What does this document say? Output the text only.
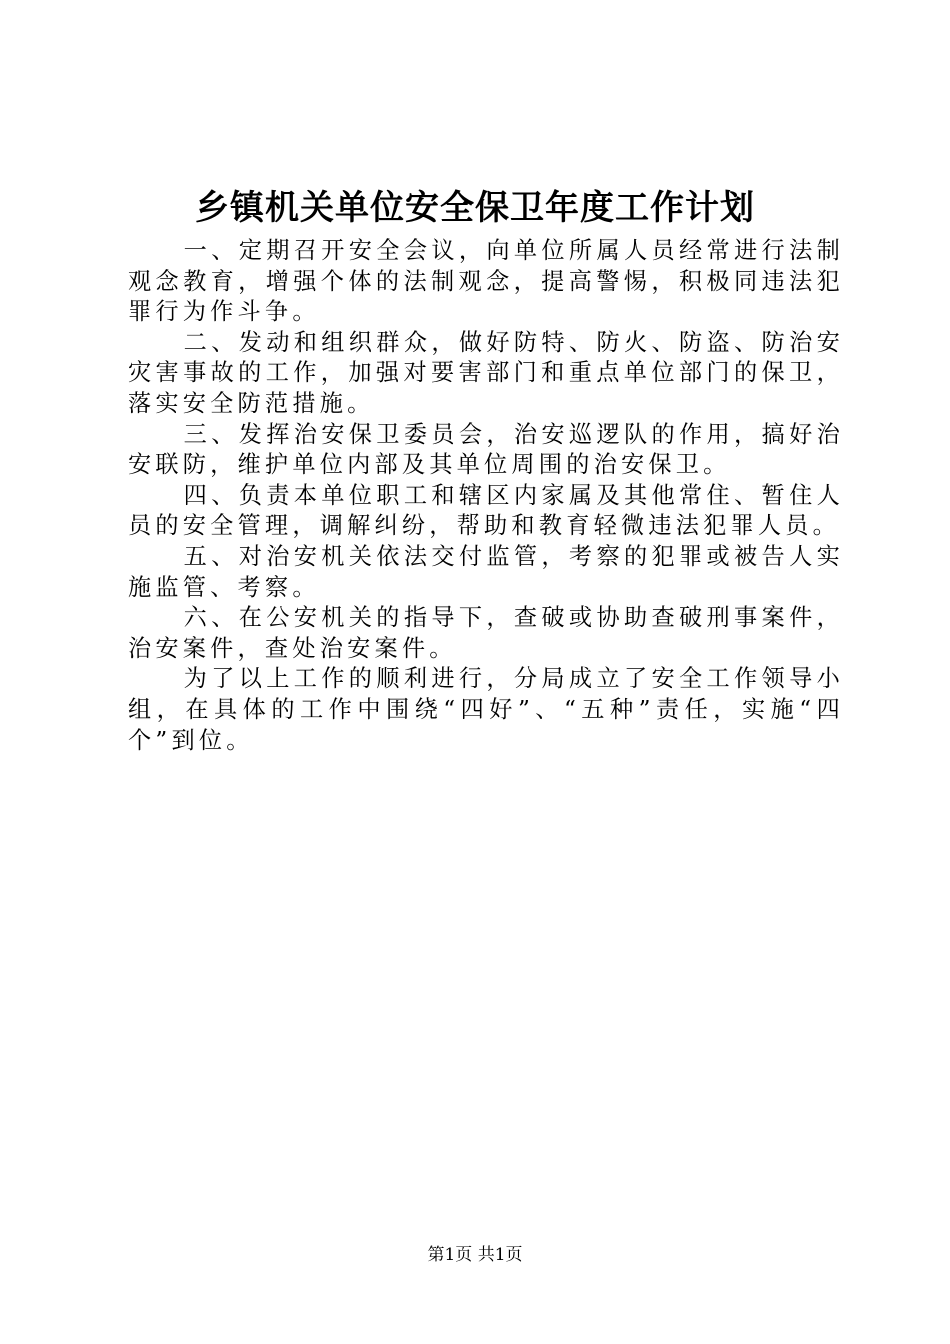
乡镇机关单位安全保卫年度工作计划

一、定期召开安全会议，向单位所属人员经常进行法制观念教育，增强个体的法制观念，提高警惕，积极同违法犯罪行为作斗争。

二、发动和组织群众，做好防特、防火、防盗、防治安灾害事故的工作，加强对要害部门和重点单位部门的保卫，落实安全防范措施。

三、发挥治安保卫委员会，治安巡逻队的作用，搞好治安联防，维护单位内部及其单位周围的治安保卫。

四、负责本单位职工和辖区内家属及其他常住、暂住人员的安全管理，调解纠纷，帮助和教育轻微违法犯罪人员。

五、对治安机关依法交付监管，考察的犯罪或被告人实施监管、考察。

六、在公安机关的指导下，查破或协助查破刑事案件，治安案件，查处治安案件。

为了以上工作的顺利进行，分局成立了安全工作领导小组，在具体的工作中围绕“四好”、“五种”责任，实施“四个”到位。

第1页 共1页
